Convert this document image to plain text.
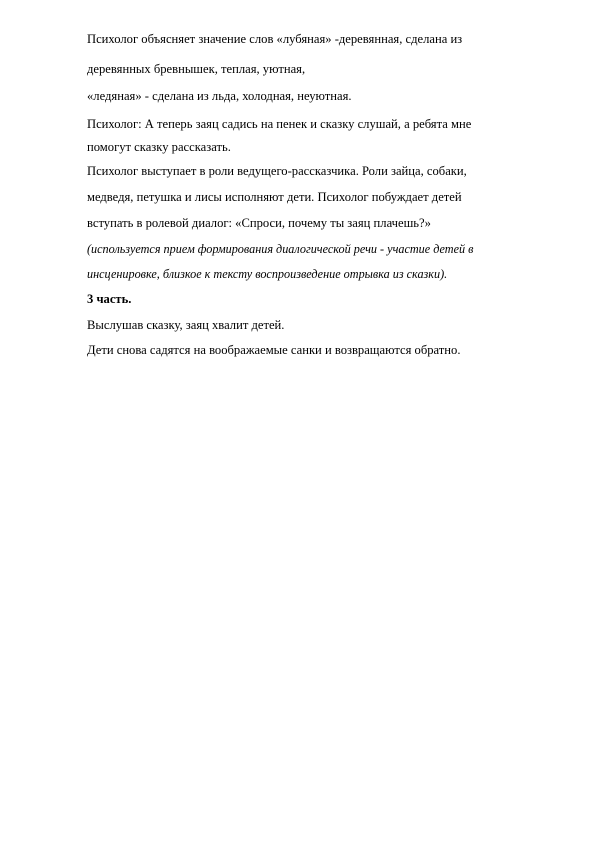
Психолог объясняет значение слов «лубяная» -деревянная, сделана из
деревянных бревнышек, теплая, уютная,
«ледяная» - сделана из льда, холодная, неуютная.
Психолог: А теперь заяц садись на пенек и сказку слушай, а ребята мне
помогут сказку рассказать.
Психолог выступает в роли ведущего-рассказчика. Роли зайца, собаки,
медведя, петушка и лисы исполняют дети. Психолог побуждает детей
вступать в ролевой диалог: «Спроси, почему ты заяц плачешь?»
(используется прием формирования диалогической речи - участие детей в
инсценировке, близкое к тексту воспроизведение отрывка из сказки).
3 часть.
Выслушав сказку, заяц хвалит детей.
Дети снова садятся на воображаемые санки и возвращаются обратно.
